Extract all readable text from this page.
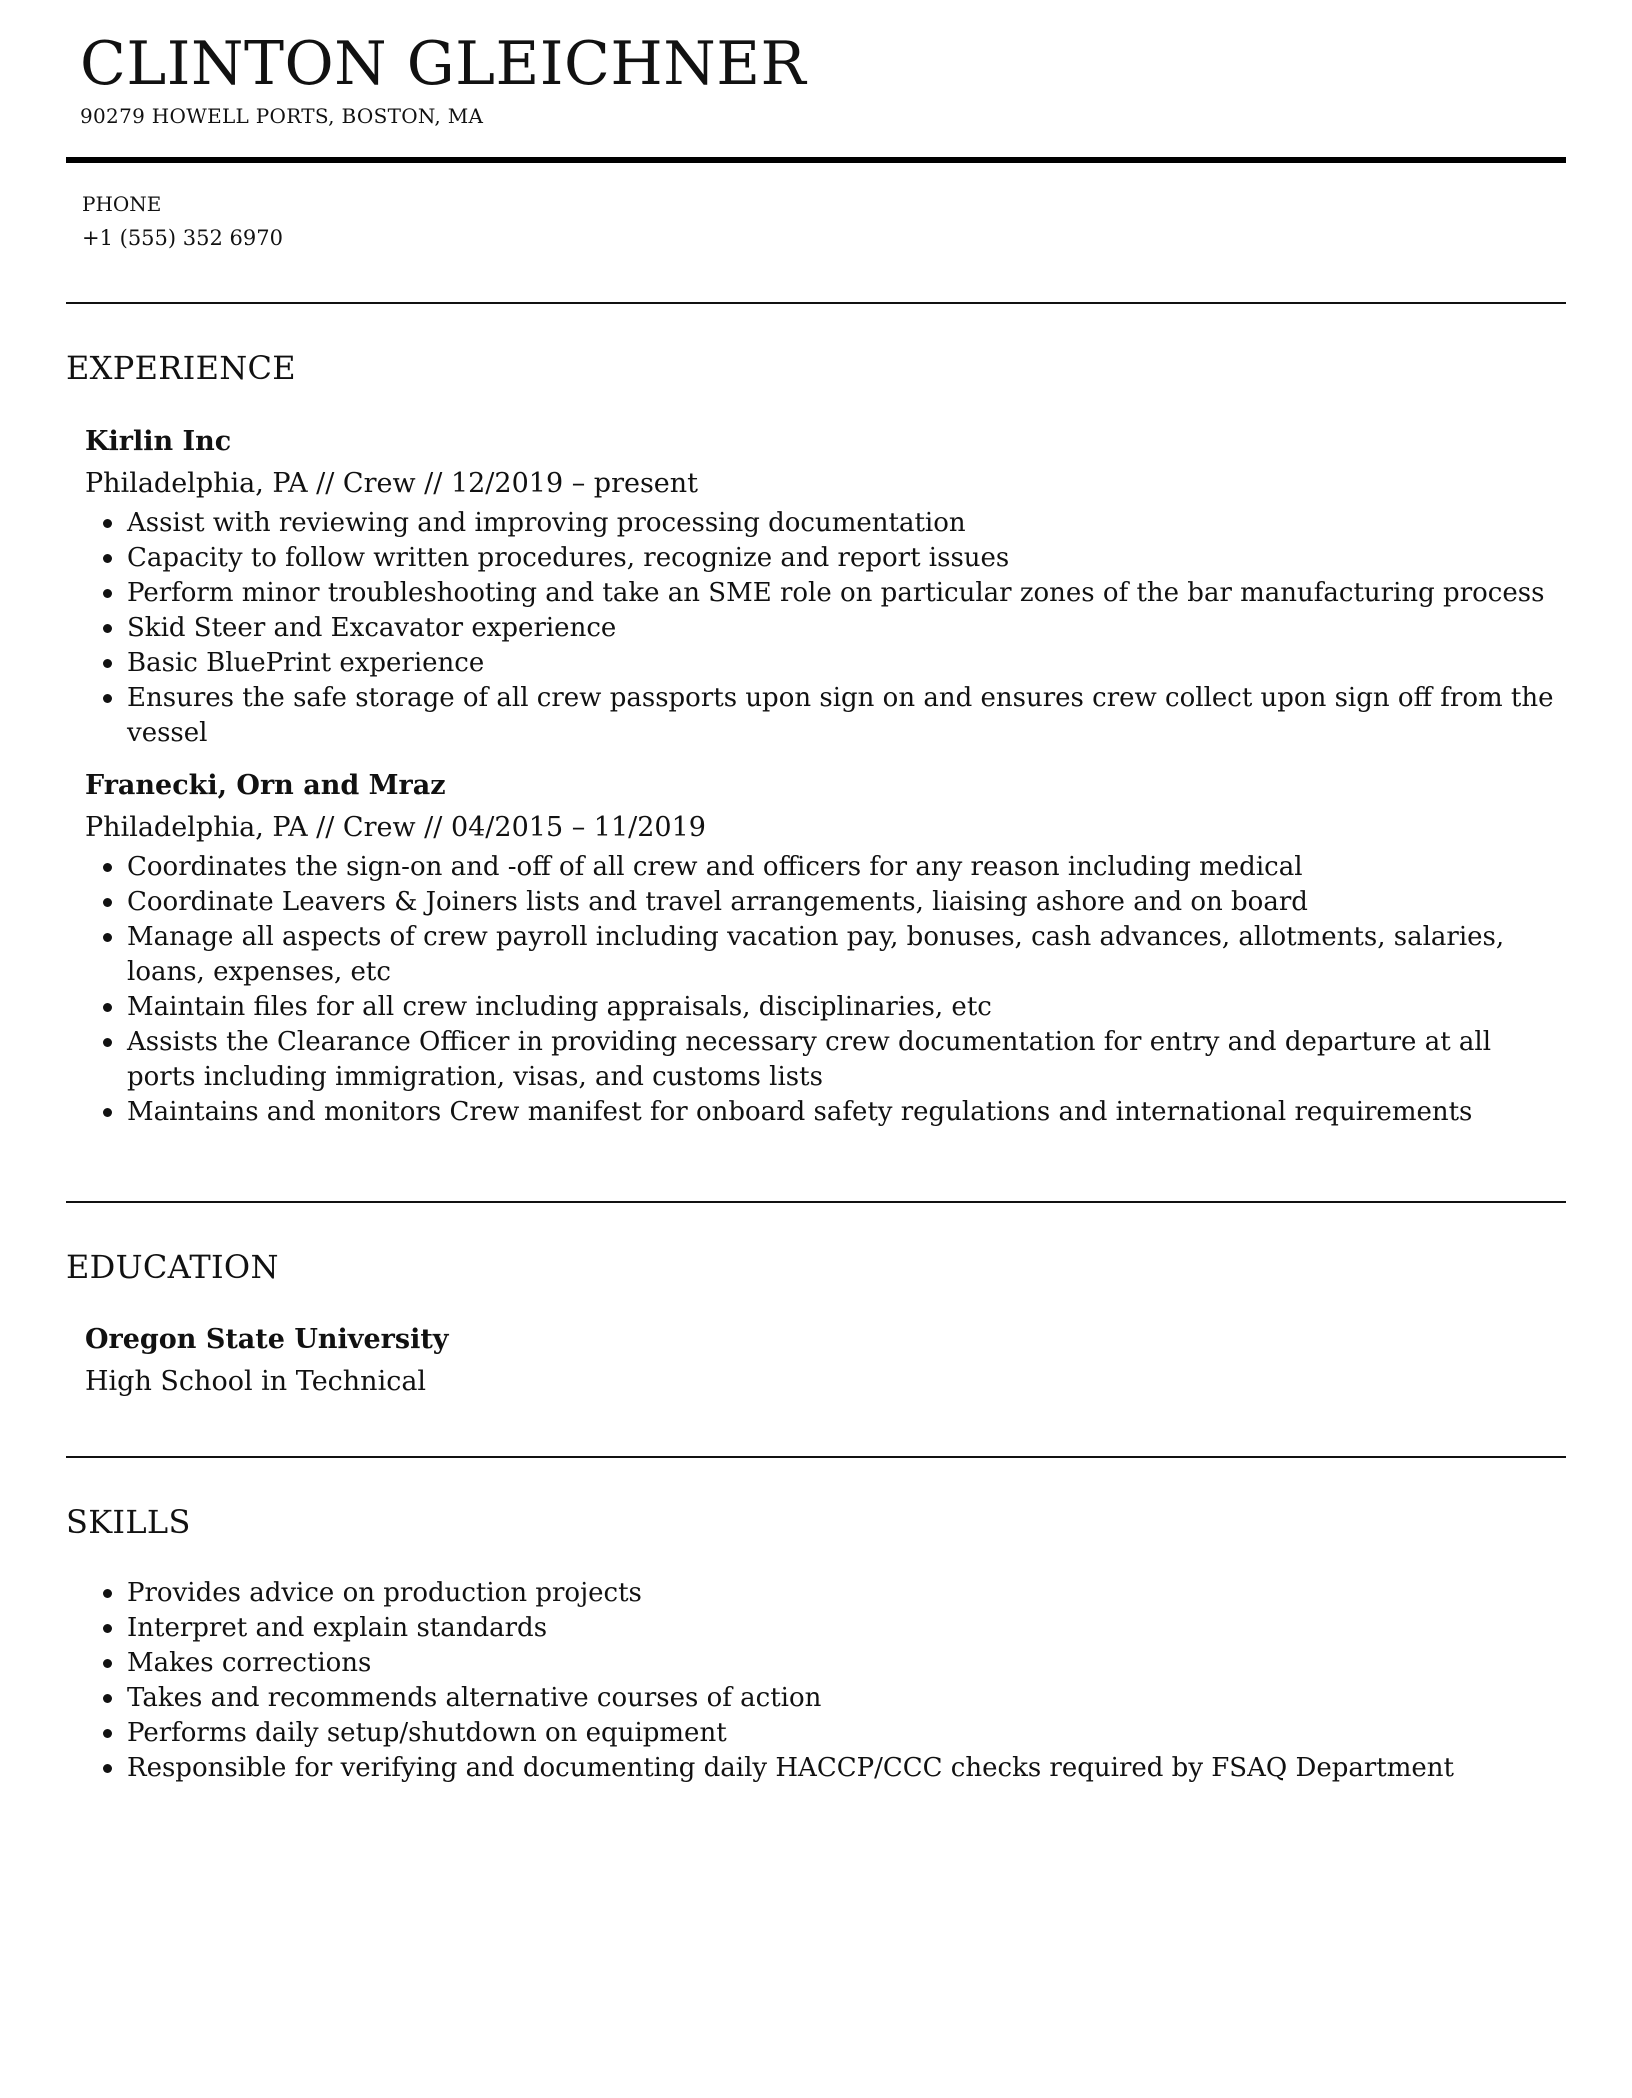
CLINTON GLEICHNER
90279 HOWELL PORTS, BOSTON, MA
PHONE
+1 (555) 352 6970
EXPERIENCE
Kirlin Inc
Philadelphia, PA // Crew // 12/2019 – present
Assist with reviewing and improving processing documentation
Capacity to follow written procedures, recognize and report issues
Perform minor troubleshooting and take an SME role on particular zones of the bar manufacturing process
Skid Steer and Excavator experience
Basic BluePrint experience
Ensures the safe storage of all crew passports upon sign on and ensures crew collect upon sign off from the vessel
Franecki, Orn and Mraz
Philadelphia, PA // Crew // 04/2015 – 11/2019
Coordinates the sign-on and -off of all crew and officers for any reason including medical
Coordinate Leavers & Joiners lists and travel arrangements, liaising ashore and on board
Manage all aspects of crew payroll including vacation pay, bonuses, cash advances, allotments, salaries, loans, expenses, etc
Maintain files for all crew including appraisals, disciplinaries, etc
Assists the Clearance Officer in providing necessary crew documentation for entry and departure at all ports including immigration, visas, and customs lists
Maintains and monitors Crew manifest for onboard safety regulations and international requirements
EDUCATION
Oregon State University
High School in Technical
SKILLS
Provides advice on production projects
Interpret and explain standards
Makes corrections
Takes and recommends alternative courses of action
Performs daily setup/shutdown on equipment
Responsible for verifying and documenting daily HACCP/CCC checks required by FSAQ Department
